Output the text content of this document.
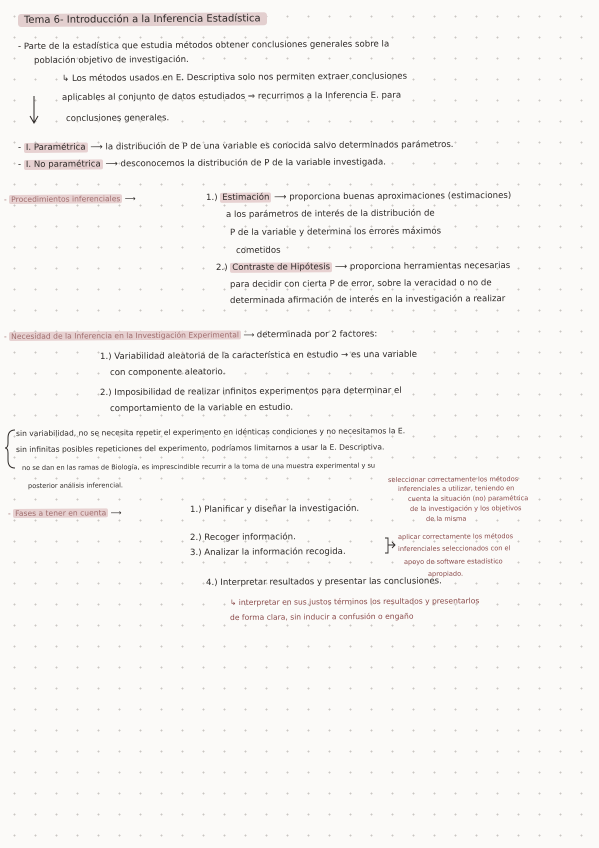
Tema 6- Introducción a la Inferencia Estadística
- Parte de la estadística que estudia métodos obtener conclusiones generales sobre la
población objetivo de investigación.
↳ Los métodos usados en E. Descriptiva solo nos permiten extraer conclusiones
aplicables al conjunto de datos estudiados ⇒ recurrimos a la Inferencia E. para
conclusiones generales.
- I. Paramétrica ⟶ la distribución de P de una variable es conocida salvo determinados parámetros.
- I. No paramétrica ⟶ desconocemos la distribución de P de la variable investigada.
- Procedimientos inferenciales ⟶	1.) Estimación ⟶ proporciona buenas aproximaciones (estimaciones)
a los parámetros de interés de la distribución de
P de la variable y determina los errores máximos
cometidos
2.) Contraste de Hipótesis ⟶ proporciona herramientas necesarias
para decidir con cierta P de error, sobre la veracidad o no de
determinada afirmación de interés en la investigación a realizar
- Necesidad de la Inferencia en la Investigación Experimental ⟶ determinada por 2 factores:
1.) Variabilidad aleatoria de la característica en estudio → es una variable
con componente aleatorio.
2.) Imposibilidad de realizar infinitos experimentos para determinar el
comportamiento de la variable en estudio.
sin variabilidad, no se necesita repetir el experimento en idénticas condiciones y no necesitamos la E.
sin infinitas posibles repeticiones del experimento, podríamos limitarnos a usar la E. Descriptiva.
no se dan en las ramas de Biología, es imprescindible recurrir a la toma de una muestra experimental y su
posterior análisis inferencial.
- Fases a tener en cuenta ⟶	1.) Planificar y diseñar la investigación.
seleccionar correctamente los métodos
inferenciales a utilizar, teniendo en
cuenta la situación (no) paramétrica
de la investigación y los objetivos
de la misma
2.) Recoger información.
3.) Analizar la información recogida.
aplicar correctamente los métodos
inferenciales seleccionados con el
apoyo de software estadístico
apropiado.
4.) Interpretar resultados y presentar las conclusiones.
↳ interpretar en sus justos términos los resultados y presentarlos
de forma clara, sin inducir a confusión o engaño
